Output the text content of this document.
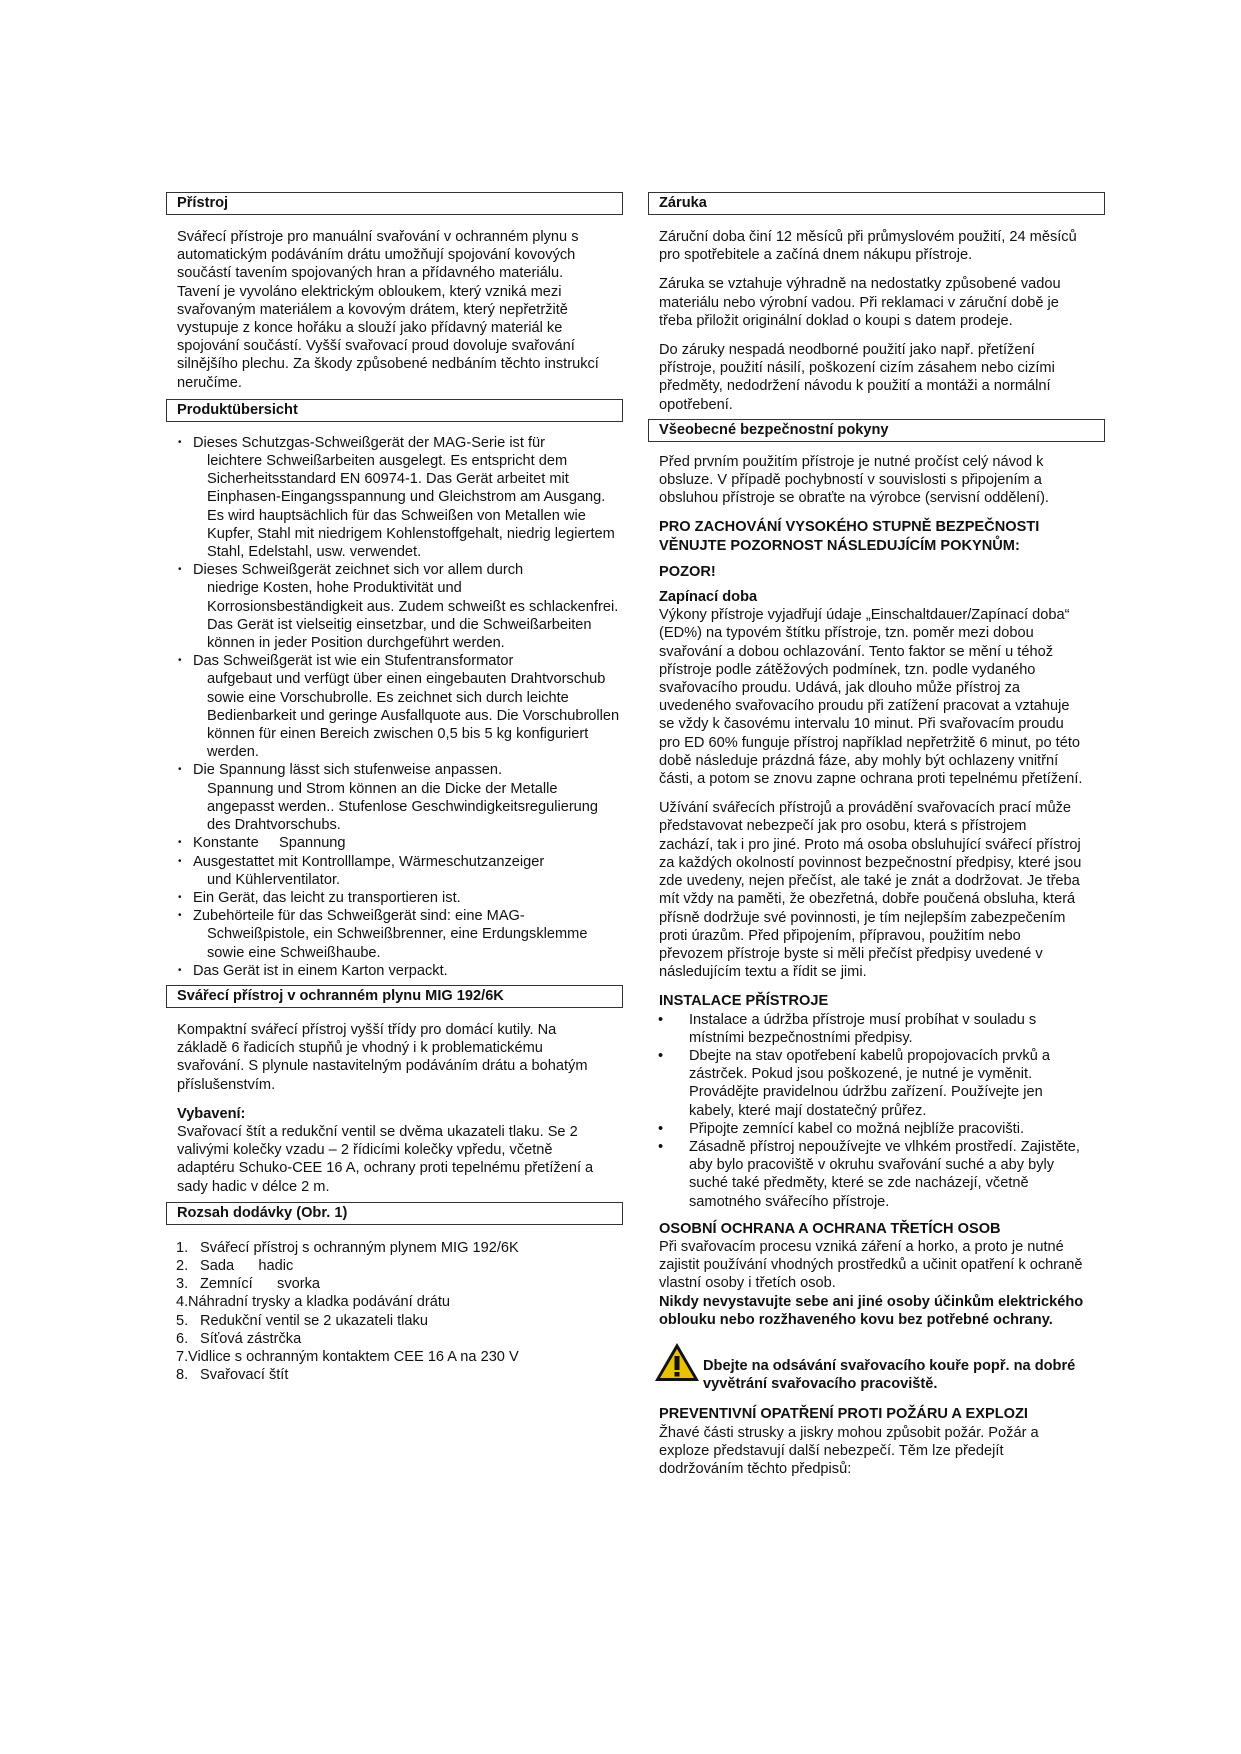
Přístroj

Svářecí přístroje pro manuální svařování v ochranném plynu s automatickým podáváním drátu umožňují spojování kovových součástí tavením spojovaných hran a přídavného materiálu. Tavení je vyvoláno elektrickým obloukem, který vzniká mezi svařovaným materiálem a kovovým drátem, který nepřetržitě vystupuje z konce hořáku a slouží jako přídavný materiál ke spojování součástí. Vyšší svařovací proud dovoluje svařování silnějšího plechu. Za škody způsobené nedbáním těchto instrukcí neručíme.

Produktübersicht
• Dieses Schutzgas-Schweißgerät der MAG-Serie ist für
leichtere Schweißarbeiten ausgelegt. Es entspricht dem Sicherheitsstandard EN 60974-1. Das Gerät arbeitet mit Einphasen-Eingangsspannung und Gleichstrom am Ausgang. Es wird hauptsächlich für das Schweißen von Metallen wie Kupfer, Stahl mit niedrigem Kohlenstoffgehalt, niedrig legiertem Stahl, Edelstahl, usw. verwendet.
• Dieses Schweißgerät zeichnet sich vor allem durch
niedrige Kosten, hohe Produktivität und Korrosionsbeständigkeit aus. Zudem schweißt es schlackenfrei. Das Gerät ist vielseitig einsetzbar, und die Schweißarbeiten können in jeder Position durchgeführt werden.
• Das Schweißgerät ist wie ein Stufentransformator
aufgebaut und verfügt über einen eingebauten Drahtvorschub sowie eine Vorschubrolle. Es zeichnet sich durch leichte Bedienbarkeit und geringe Ausfallquote aus. Die Vorschubrollen können für einen Bereich zwischen 0,5 bis 5 kg konfiguriert werden.
• Die Spannung lässt sich stufenweise anpassen.
Spannung und Strom können an die Dicke der Metalle angepasst werden.. Stufenlose Geschwindigkeitsregulierung des Drahtvorschubs.
• Konstante     Spannung
• Ausgestattet mit Kontrolllampe, Wärmeschutzanzeiger
und Kühlerventilator.
• Ein Gerät, das leicht zu transportieren ist.
• Zubehörteile für das Schweißgerät sind: eine MAG-
Schweißpistole, ein Schweißbrenner, eine Erdungsklemme sowie eine Schweißhaube.
• Das Gerät ist in einem Karton verpackt.
Svářecí přístroj v ochranném plynu MIG 192/6K

Kompaktní svářecí přístroj vyšší třídy pro domácí kutily. Na základě 6 řadicích stupňů je vhodný i k problematickému svařování. S plynule nastavitelným podáváním drátu a bohatým příslušenstvím.

Vybavení:

Svařovací štít a redukční ventil se dvěma ukazateli tlaku. Se 2 valivými kolečky vzadu – 2 řídicími kolečky vpředu, včetně adaptéru Schuko-CEE 16 A, ochrany proti tepelnému přetížení a sady hadic v délce 2 m.

Rozsah dodávky (Obr. 1)
1. Svářecí přístroj s ochranným plynem MIG 192/6K
2. Sada      hadic
3. Zemnící      svorka
4. Náhradní trysky a kladka podávání drátu
5. Redukční ventil se 2 ukazateli tlaku
6. Síťová zástrčka
7. Vidlice s ochranným kontaktem CEE 16 A na 230 V
8. Svařovací štít
Záruka

Záruční doba činí 12 měsíců při průmyslovém použití, 24 měsíců pro spotřebitele a začíná dnem nákupu přístroje.

Záruka se vztahuje výhradně na nedostatky způsobené vadou materiálu nebo výrobní vadou. Při reklamaci v záruční době je třeba přiložit originální doklad o koupi s datem prodeje.

Do záruky nespadá neodborné použití jako např. přetížení přístroje, použití násilí, poškození cizím zásahem nebo cizími předměty, nedodržení návodu k použití a montáži a normální opotřebení.

Všeobecné bezpečnostní pokyny

Před prvním použitím přístroje je nutné pročíst celý návod k obsluze. V případě pochybností v souvislosti s připojením a obsluhou přístroje se obraťte na výrobce (servisní oddělení).

PRO ZACHOVÁNÍ VYSOKÉHO STUPNĚ BEZPEČNOSTI VĚNUJTE POZORNOST NÁSLEDUJÍCÍM POKYNŮM:

POZOR!

Zapínací doba

Výkony přístroje vyjadřují údaje „Einschaltdauer/Zapínací doba“ (ED%) na typovém štítku přístroje, tzn. poměr mezi dobou svařování a dobou ochlazování. Tento faktor se mění u téhož přístroje podle zátěžových podmínek, tzn. podle vydaného svařovacího proudu. Udává, jak dlouho může přístroj za uvedeného svařovacího proudu při zatížení pracovat a vztahuje se vždy k časovému intervalu 10 minut. Při svařovacím proudu pro ED 60% funguje přístroj například nepřetržitě 6 minut, po této době následuje prázdná fáze, aby mohly být ochlazeny vnitřní části, a potom se znovu zapne ochrana proti tepelnému přetížení.

Užívání svářecích přístrojů a provádění svařovacích prací může představovat nebezpečí jak pro osobu, která s přístrojem zachází, tak i pro jiné. Proto má osoba obsluhující svářecí přístroj za každých okolností povinnost bezpečnostní předpisy, které jsou zde uvedeny, nejen přečíst, ale také je znát a dodržovat. Je třeba mít vždy na paměti, že obezřetná, dobře poučená obsluha, která přísně dodržuje své povinnosti, je tím nejlepším zabezpečením proti úrazům. Před připojením, přípravou, použitím nebo převozem přístroje byste si měli přečíst předpisy uvedené v následujícím textu a řídit se jimi.

INSTALACE PŘÍSTROJE

• Instalace a údržba přístroje musí probíhat v souladu s místními bezpečnostními předpisy.
• Dbejte na stav opotřebení kabelů propojovacích prvků a zástrček. Pokud jsou poškozené, je nutné je vyměnit. Provádějte pravidelnou údržbu zařízení. Používejte jen kabely, které mají dostatečný průřez.
• Připojte zemnící kabel co možná nejblíže pracovišti.
• Zásadně přístroj nepoužívejte ve vlhkém prostředí. Zajistěte, aby bylo pracoviště v okruhu svařování suché a aby byly suché také předměty, které se zde nacházejí, včetně samotného svářecího přístroje.

OSOBNÍ OCHRANA A OCHRANA TŘETÍCH OSOB

Při svařovacím procesu vzniká záření a horko, a proto je nutné zajistit používání vhodných prostředků a učinit opatření k ochraně vlastní osoby i třetích osob.

Nikdy nevystavujte sebe ani jiné osoby účinkům elektrického oblouku nebo rozžhaveného kovu bez potřebné ochrany.

Dbejte na odsávání svařovacího kouře popř. na dobré vyvětrání svařovacího pracoviště.

PREVENTIVNÍ OPATŘENÍ PROTI POŽÁRU A EXPLOZI

Žhavé části strusky a jiskry mohou způsobit požár. Požár a exploze představují další nebezpečí. Těm lze předejít dodržováním těchto předpisů:
